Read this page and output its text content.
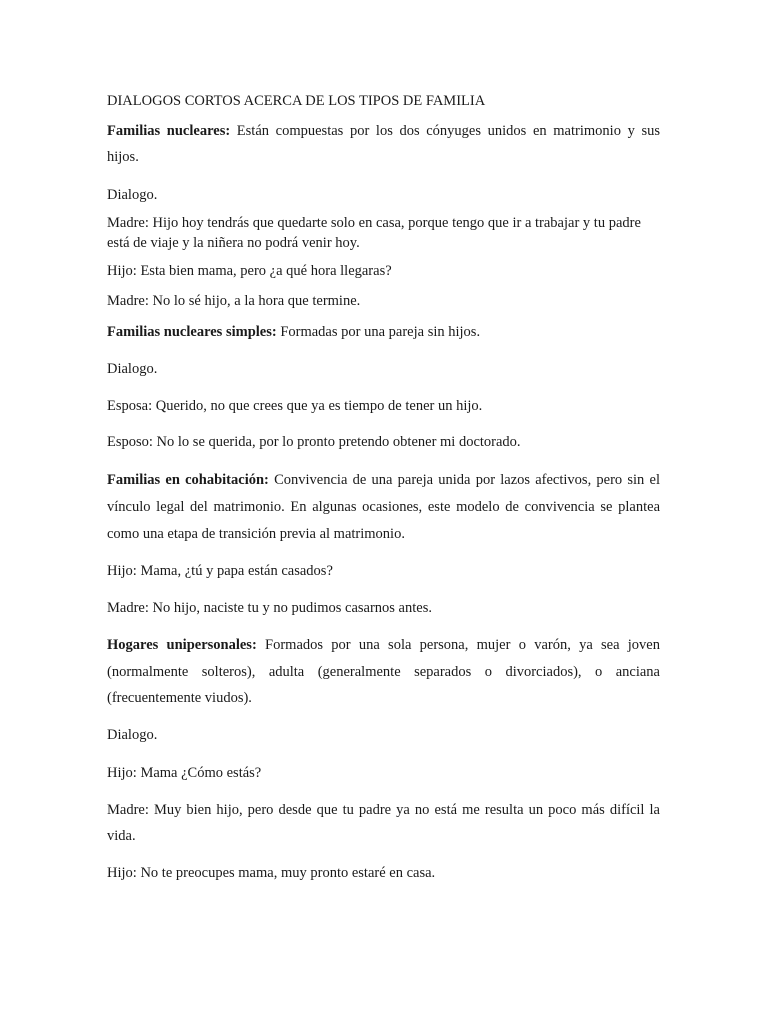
DIALOGOS CORTOS ACERCA DE LOS TIPOS DE FAMILIA
Familias nucleares: Están compuestas por los dos cónyuges unidos en matrimonio y sus
hijos.
Dialogo.
Madre: Hijo hoy tendrás que quedarte solo en casa, porque tengo que ir a trabajar y tu padre
está de viaje y la niñera no podrá venir hoy.
Hijo: Esta bien mama, pero ¿a qué hora llegaras?
Madre: No lo sé hijo, a la hora que termine.
Familias nucleares simples: Formadas por una pareja sin hijos.
Dialogo.
Esposa: Querido, no que crees que ya es tiempo de tener un hijo.
Esposo: No lo se querida, por lo pronto pretendo obtener mi doctorado.
Familias en cohabitación: Convivencia de una pareja unida por lazos afectivos, pero sin el
vínculo legal del matrimonio. En algunas ocasiones, este modelo de convivencia se plantea
como una etapa de transición previa al matrimonio.
Hijo: Mama, ¿tú y papa están casados?
Madre: No hijo, naciste tu y no pudimos casarnos antes.
Hogares unipersonales: Formados por una sola persona, mujer o varón, ya sea joven
(normalmente solteros), adulta (generalmente separados o divorciados), o anciana
(frecuentemente viudos).
Dialogo.
Hijo: Mama ¿Cómo estás?
Madre: Muy bien hijo, pero desde que tu padre ya no está me resulta un poco más difícil la
vida.
Hijo: No te preocupes mama, muy pronto estaré en casa.
